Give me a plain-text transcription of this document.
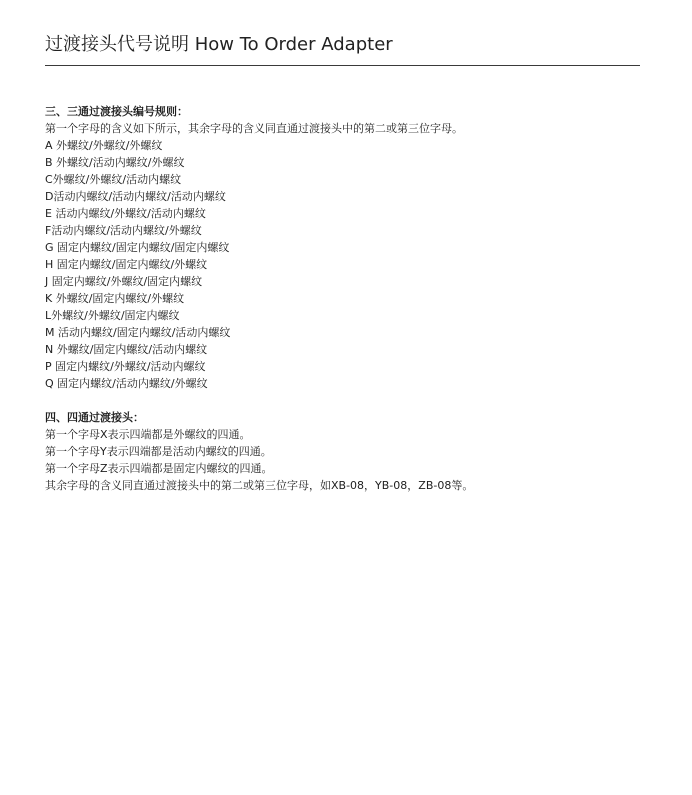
过渡接头代号说明 How To Order Adapter
三、三通过渡接头编号规则：
第一个字母的含义如下所示，其余字母的含义同直通过渡接头中的第二或第三位字母。
A 外螺纹/外螺纹/外螺纹
B 外螺纹/活动内螺纹/外螺纹
C外螺纹/外螺纹/活动内螺纹
D活动内螺纹/活动内螺纹/活动内螺纹
E 活动内螺纹/外螺纹/活动内螺纹
F活动内螺纹/活动内螺纹/外螺纹
G 固定内螺纹/固定内螺纹/固定内螺纹
H 固定内螺纹/固定内螺纹/外螺纹
J 固定内螺纹/外螺纹/固定内螺纹
K 外螺纹/固定内螺纹/外螺纹
L外螺纹/外螺纹/固定内螺纹
M 活动内螺纹/固定内螺纹/活动内螺纹
N 外螺纹/固定内螺纹/活动内螺纹
P 固定内螺纹/外螺纹/活动内螺纹
Q 固定内螺纹/活动内螺纹/外螺纹
四、四通过渡接头：
第一个字母X表示四端都是外螺纹的四通。
第一个字母Y表示四端都是活动内螺纹的四通。
第一个字母Z表示四端都是固定内螺纹的四通。
其余字母的含义同直通过渡接头中的第二或第三位字母，如XB-08，YB-08，ZB-08等。
